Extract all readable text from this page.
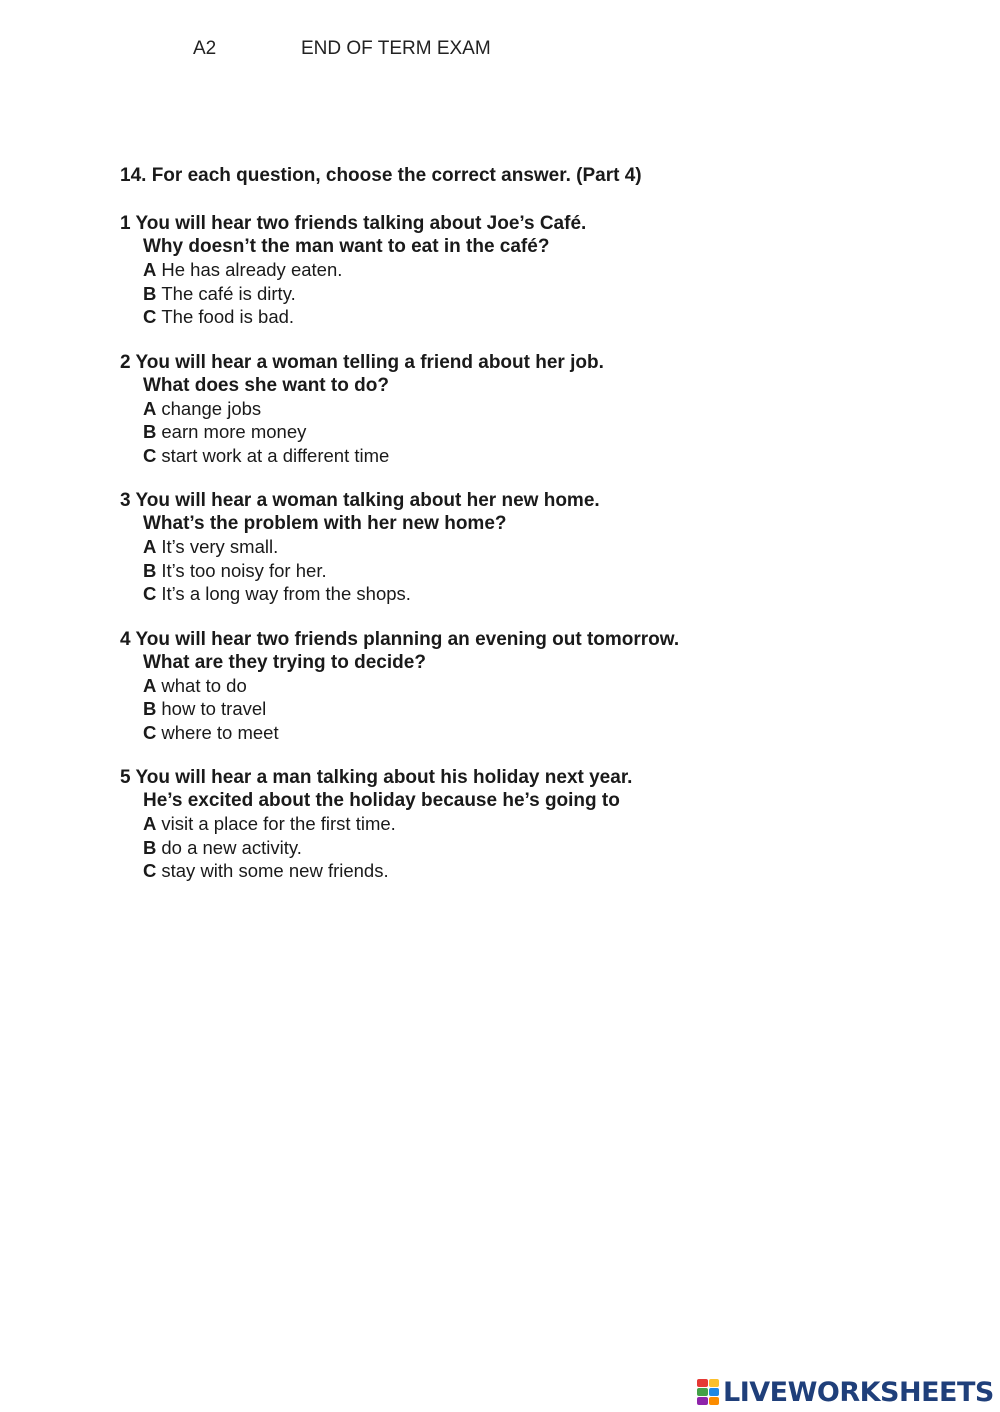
A2	END OF TERM EXAM
14. For each question, choose the correct answer. (Part 4)
1 You will hear two friends talking about Joe’s Café.
Why doesn’t the man want to eat in the café?
A He has already eaten.
B The café is dirty.
C The food is bad.
2 You will hear a woman telling a friend about her job.
What does she want to do?
A change jobs
B earn more money
C start work at a different time
3 You will hear a woman talking about her new home.
What’s the problem with her new home?
A It’s very small.
B It’s too noisy for her.
C It’s a long way from the shops.
4 You will hear two friends planning an evening out tomorrow.
What are they trying to decide?
A what to do
B how to travel
C where to meet
5 You will hear a man talking about his holiday next year.
He’s excited about the holiday because he’s going to
A visit a place for the first time.
B do a new activity.
C stay with some new friends.
LIVEWORKSHEETS
